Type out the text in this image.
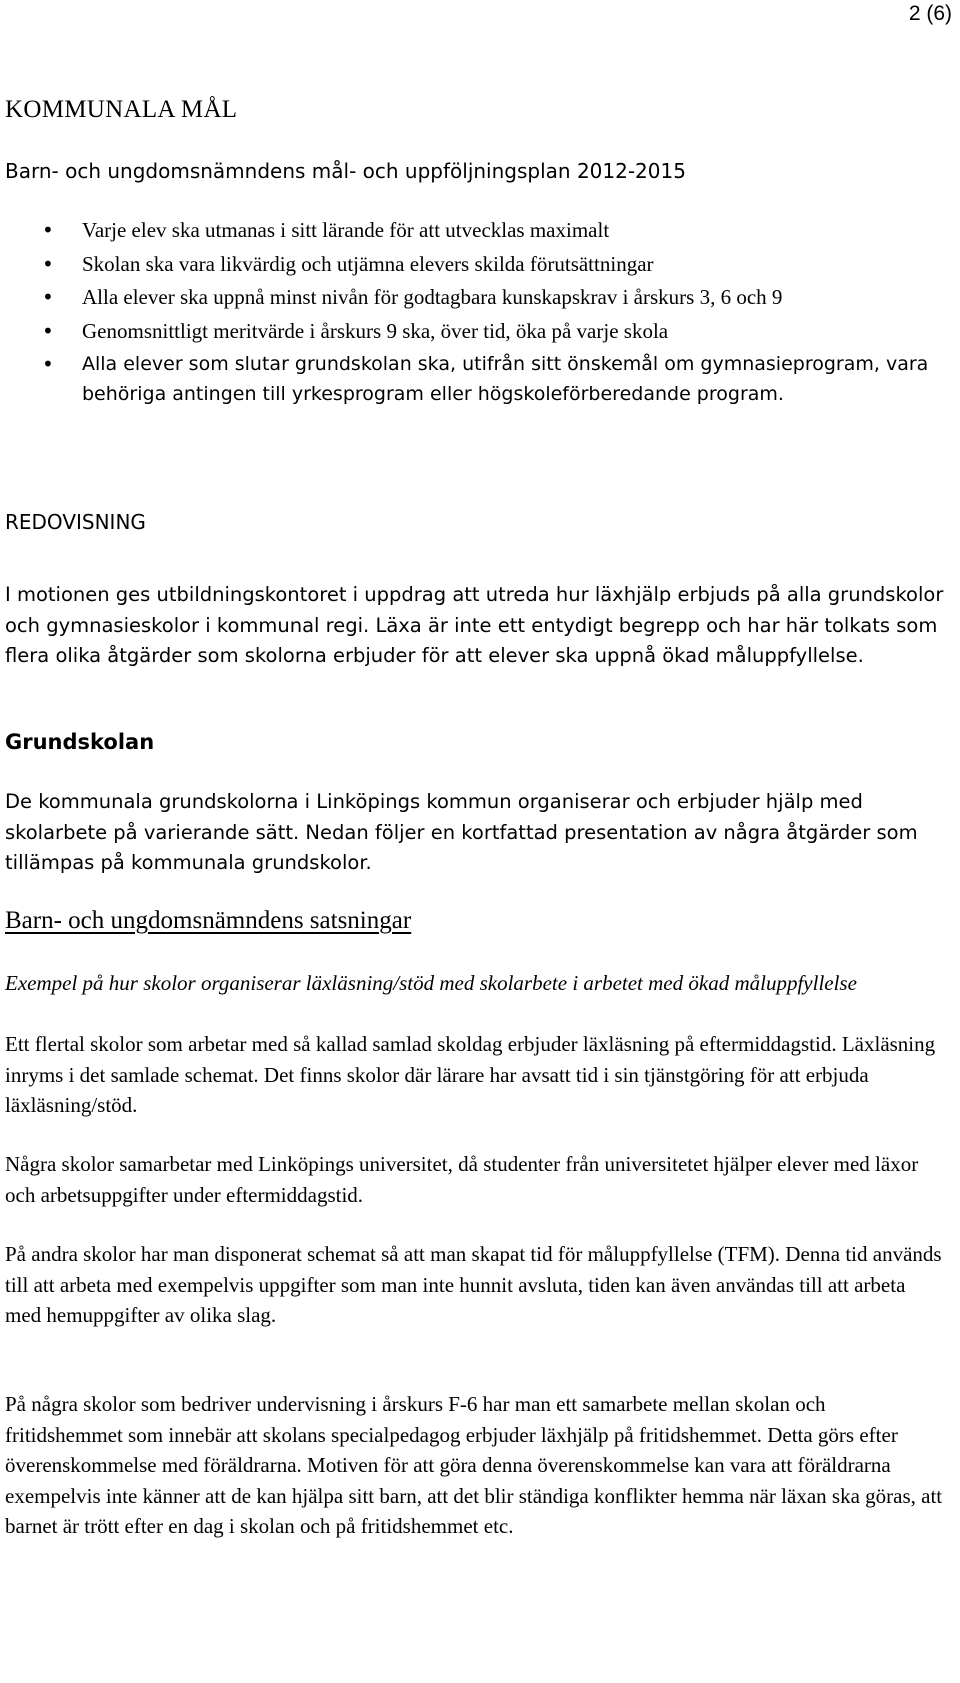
2 (6)
KOMMUNALA MÅL
Barn- och ungdomsnämndens mål- och uppföljningsplan 2012-2015
• Varje elev ska utmanas i sitt lärande för att utvecklas maximalt
• Skolan ska vara likvärdig och utjämna elevers skilda förutsättningar
• Alla elever ska uppnå minst nivån för godtagbara kunskapskrav i årskurs 3, 6 och 9
• Genomsnittligt meritvärde i årskurs 9 ska, över tid, öka på varje skola
• Alla elever som slutar grundskolan ska, utifrån sitt önskemål om gymnasieprogram, vara behöriga antingen till yrkesprogram eller högskoleförberedande program.
REDOVISNING
I motionen ges utbildningskontoret i uppdrag att utreda hur läxhjälp erbjuds på alla grundskolor och gymnasieskolor i kommunal regi. Läxa är inte ett entydigt begrepp och har här tolkats som flera olika åtgärder som skolorna erbjuder för att elever ska uppnå ökad måluppfyllelse.
Grundskolan
De kommunala grundskolorna i Linköpings kommun organiserar och erbjuder hjälp med skolarbete på varierande sätt. Nedan följer en kortfattad presentation av några åtgärder som tillämpas på kommunala grundskolor.
Barn- och ungdomsnämndens satsningar
Exempel på hur skolor organiserar läxläsning/stöd med skolarbete i arbetet med ökad måluppfyllelse
Ett flertal skolor som arbetar med så kallad samlad skoldag erbjuder läxläsning på eftermiddagstid. Läxläsning inryms i det samlade schemat. Det finns skolor där lärare har avsatt tid i sin tjänstgöring för att erbjuda läxläsning/stöd.
Några skolor samarbetar med Linköpings universitet, då studenter från universitetet hjälper elever med läxor och arbetsuppgifter under eftermiddagstid.
På andra skolor har man disponerat schemat så att man skapat tid för måluppfyllelse (TFM). Denna tid används till att arbeta med exempelvis uppgifter som man inte hunnit avsluta, tiden kan även användas till att arbeta med hemuppgifter av olika slag.
På några skolor som bedriver undervisning i årskurs F-6 har man ett samarbete mellan skolan och fritidshemmet som innebär att skolans specialpedagog erbjuder läxhjälp på fritidshemmet. Detta görs efter överenskommelse med föräldrarna. Motiven för att göra denna överenskommelse kan vara att föräldrarna exempelvis inte känner att de kan hjälpa sitt barn, att det blir ständiga konflikter hemma när läxan ska göras, att barnet är trött efter en dag i skolan och på fritidshemmet etc.
